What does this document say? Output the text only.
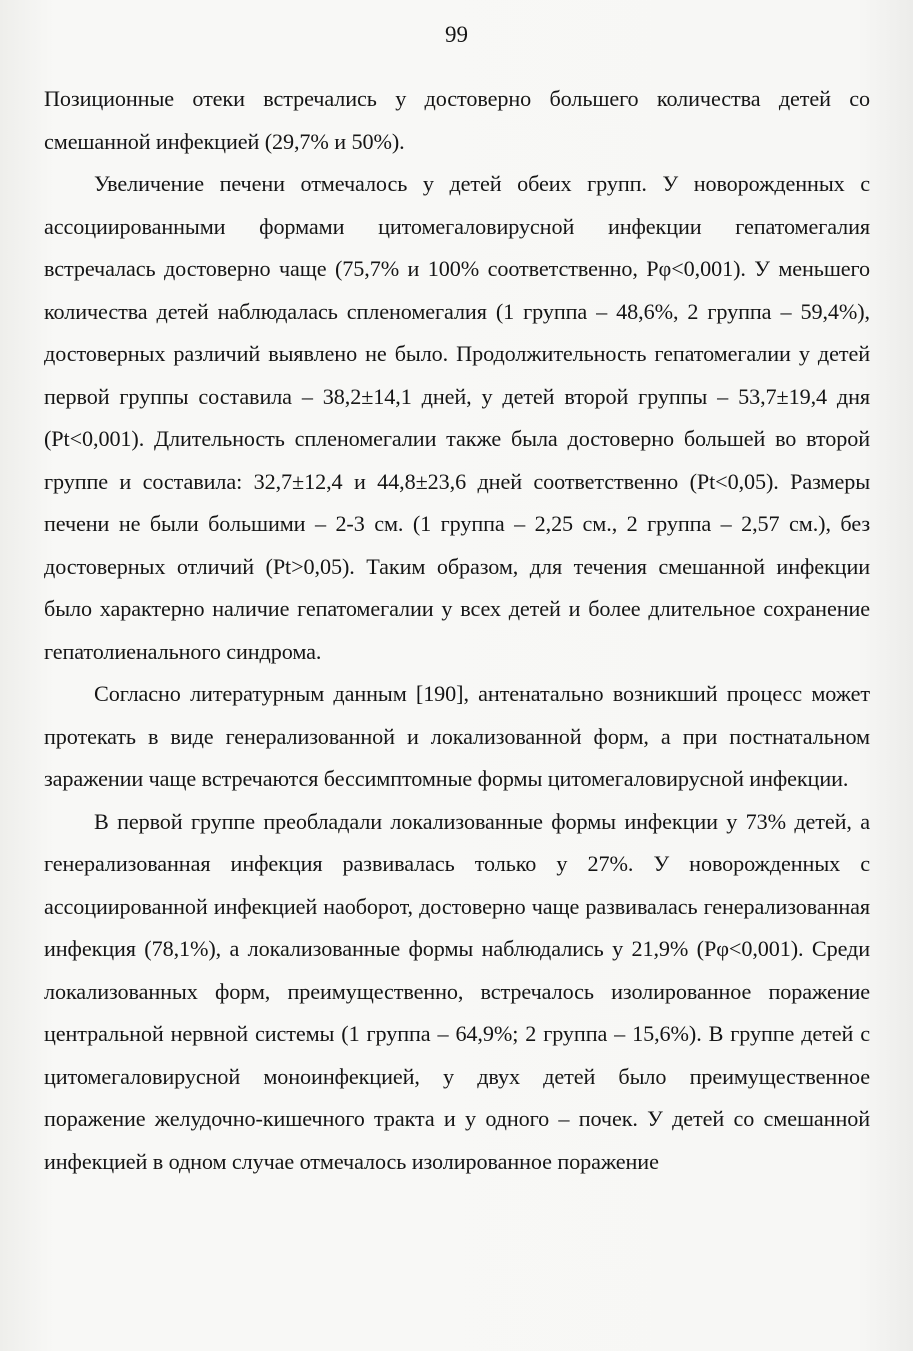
99

Позиционные отеки встречались у достоверно большего количества детей со смешанной инфекцией (29,7% и 50%).

Увеличение печени отмечалось у детей обеих групп. У новорожденных с ассоциированными формами цитомегаловирусной инфекции гепатомегалия встречалась достоверно чаще (75,7% и 100% соответственно, Рφ<0,001). У меньшего количества детей наблюдалась спленомегалия (1 группа – 48,6%, 2 группа – 59,4%), достоверных различий выявлено не было. Продолжительность гепатомегалии у детей первой группы составила – 38,2±14,1 дней, у детей второй группы – 53,7±19,4 дня (Pt<0,001). Длительность спленомегалии также была достоверно большей во второй группе и составила: 32,7±12,4 и 44,8±23,6 дней соответственно (Pt<0,05). Размеры печени не были большими – 2-3 см. (1 группа – 2,25 см., 2 группа – 2,57 см.), без достоверных отличий (Pt>0,05). Таким образом, для течения смешанной инфекции было характерно наличие гепатомегалии у всех детей и более длительное сохранение гепатолиенального синдрома.

Согласно литературным данным [190], антенатально возникший процесс может протекать в виде генерализованной и локализованной форм, а при постнатальном заражении чаще встречаются бессимптомные формы цитомегаловирусной инфекции.

В первой группе преобладали локализованные формы инфекции у 73% детей, а генерализованная инфекция развивалась только у 27%. У новорожденных с ассоциированной инфекцией наоборот, достоверно чаще развивалась генерализованная инфекция (78,1%), а локализованные формы наблюдались у 21,9% (Рφ<0,001). Среди локализованных форм, преимущественно, встречалось изолированное поражение центральной нервной системы (1 группа – 64,9%; 2 группа – 15,6%). В группе детей с цитомегаловирусной моноинфекцией, у двух детей было преимущественное поражение желудочно-кишечного тракта и у одного – почек. У детей со смешанной инфекцией в одном случае отмечалось изолированное поражение
